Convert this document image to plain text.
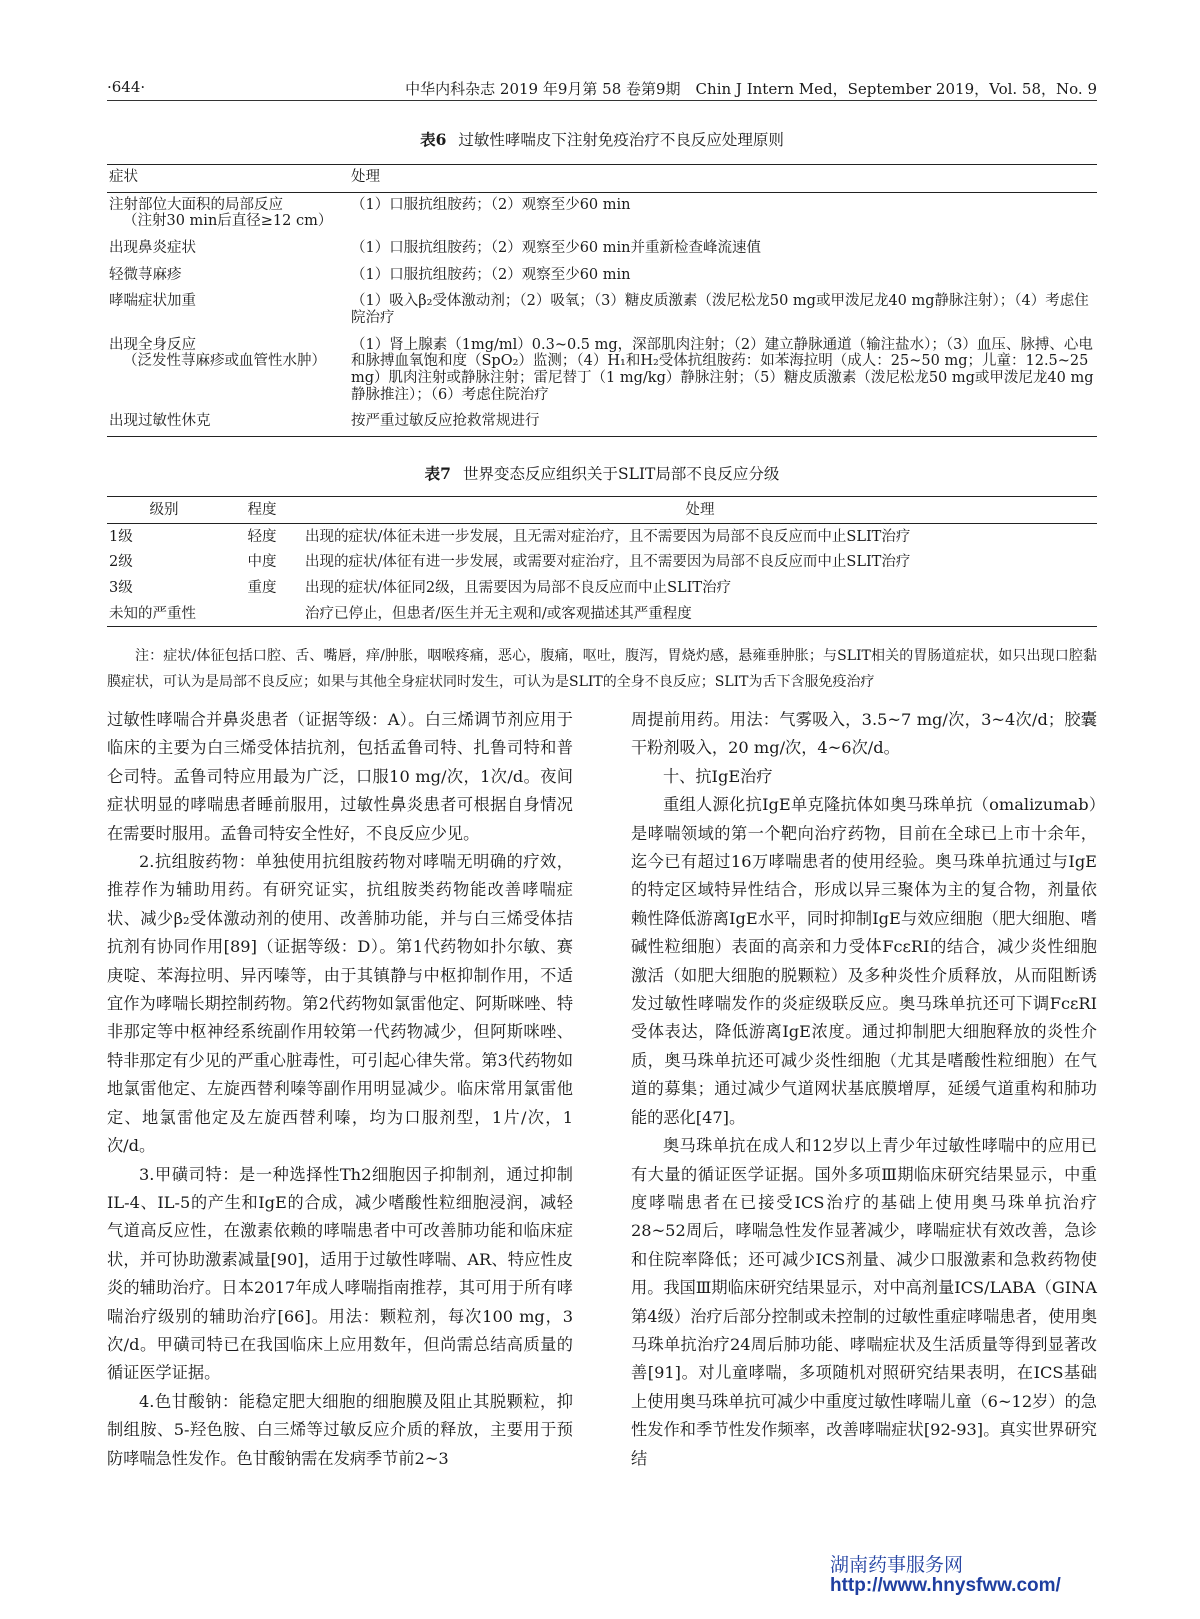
·644·	中华内科杂志 2019 年9月第 58 卷第9期　Chin J Intern Med，September 2019，Vol. 58，No. 9
表6 过敏性哮喘皮下注射免疫治疗不良反应处理原则
症状	处理
注射部位大面积的局部反应
（注射30 min后直径≥12 cm）	（1）口服抗组胺药；（2）观察至少60 min
出现鼻炎症状	（1）口服抗组胺药；（2）观察至少60 min并重新检查峰流速值
轻微荨麻疹	（1）口服抗组胺药；（2）观察至少60 min
哮喘症状加重	（1）吸入β₂受体激动剂；（2）吸氧；（3）糖皮质激素（泼尼松龙50 mg或甲泼尼龙40 mg静脉注射）；（4）考虑住院治疗
出现全身反应
（泛发性荨麻疹或血管性水肿）	（1）肾上腺素（1mg/ml）0.3~0.5 mg，深部肌肉注射；（2）建立静脉通道（输注盐水）；（3）血压、脉搏、心电和脉搏血氧饱和度（SpO₂）监测；（4）H₁和H₂受体抗组胺药：如苯海拉明（成人：25~50 mg；儿童：12.5~25 mg）肌肉注射或静脉注射；雷尼替丁（1 mg/kg）静脉注射；（5）糖皮质激素（泼尼松龙50 mg或甲泼尼龙40 mg静脉推注）；（6）考虑住院治疗
出现过敏性休克	按严重过敏反应抢救常规进行
表7 世界变态反应组织关于SLIT局部不良反应分级
级别	程度	处理
1级	轻度	出现的症状/体征未进一步发展，且无需对症治疗，且不需要因为局部不良反应而中止SLIT治疗
2级	中度	出现的症状/体征有进一步发展，或需要对症治疗，且不需要因为局部不良反应而中止SLIT治疗
3级	重度	出现的症状/体征同2级，且需要因为局部不良反应而中止SLIT治疗
未知的严重性		治疗已停止，但患者/医生并无主观和/或客观描述其严重程度
注：症状/体征包括口腔、舌、嘴唇，痒/肿胀，咽喉疼痛，恶心，腹痛，呕吐，腹泻，胃烧灼感，悬雍垂肿胀；与SLIT相关的胃肠道症状，如只出现口腔黏膜症状，可认为是局部不良反应；如果与其他全身症状同时发生，可认为是SLIT的全身不良反应；SLIT为舌下含服免疫治疗

过敏性哮喘合并鼻炎患者（证据等级：A）。白三烯调节剂应用于临床的主要为白三烯受体拮抗剂，包括孟鲁司特、扎鲁司特和普仑司特。孟鲁司特应用最为广泛，口服10 mg/次，1次/d。夜间症状明显的哮喘患者睡前服用，过敏性鼻炎患者可根据自身情况在需要时服用。孟鲁司特安全性好，不良反应少见。

2.抗组胺药物：单独使用抗组胺药物对哮喘无明确的疗效，推荐作为辅助用药。有研究证实，抗组胺类药物能改善哮喘症状、减少β₂受体激动剂的使用、改善肺功能，并与白三烯受体拮抗剂有协同作用[89]（证据等级：D）。第1代药物如扑尔敏、赛庚啶、苯海拉明、异丙嗪等，由于其镇静与中枢抑制作用，不适宜作为哮喘长期控制药物。第2代药物如氯雷他定、阿斯咪唑、特非那定等中枢神经系统副作用较第一代药物减少，但阿斯咪唑、特非那定有少见的严重心脏毒性，可引起心律失常。第3代药物如地氯雷他定、左旋西替利嗪等副作用明显减少。临床常用氯雷他定、地氯雷他定及左旋西替利嗪，均为口服剂型，1片/次，1次/d。

3.甲磺司特：是一种选择性Th2细胞因子抑制剂，通过抑制IL-4、IL-5的产生和IgE的合成，减少嗜酸性粒细胞浸润，减轻气道高反应性，在激素依赖的哮喘患者中可改善肺功能和临床症状，并可协助激素减量[90]，适用于过敏性哮喘、AR、特应性皮炎的辅助治疗。日本2017年成人哮喘指南推荐，其可用于所有哮喘治疗级别的辅助治疗[66]。用法：颗粒剂，每次100 mg，3次/d。甲磺司特已在我国临床上应用数年，但尚需总结高质量的循证医学证据。

4.色甘酸钠：能稳定肥大细胞的细胞膜及阻止其脱颗粒，抑制组胺、5-羟色胺、白三烯等过敏反应介质的释放，主要用于预防哮喘急性发作。色甘酸钠需在发病季节前2~3

周提前用药。用法：气雾吸入，3.5~7 mg/次，3~4次/d；胶囊干粉剂吸入，20 mg/次，4~6次/d。

十、抗IgE治疗

重组人源化抗IgE单克隆抗体如奥马珠单抗（omalizumab）是哮喘领域的第一个靶向治疗药物，目前在全球已上市十余年，迄今已有超过16万哮喘患者的使用经验。奥马珠单抗通过与IgE的特定区域特异性结合，形成以异三聚体为主的复合物，剂量依赖性降低游离IgE水平，同时抑制IgE与效应细胞（肥大细胞、嗜碱性粒细胞）表面的高亲和力受体FcεRI的结合，减少炎性细胞激活（如肥大细胞的脱颗粒）及多种炎性介质释放，从而阻断诱发过敏性哮喘发作的炎症级联反应。奥马珠单抗还可下调FcεRI受体表达，降低游离IgE浓度。通过抑制肥大细胞释放的炎性介质，奥马珠单抗还可减少炎性细胞（尤其是嗜酸性粒细胞）在气道的募集；通过减少气道网状基底膜增厚，延缓气道重构和肺功能的恶化[47]。

奥马珠单抗在成人和12岁以上青少年过敏性哮喘中的应用已有大量的循证医学证据。国外多项Ⅲ期临床研究结果显示，中重度哮喘患者在已接受ICS治疗的基础上使用奥马珠单抗治疗28~52周后，哮喘急性发作显著减少，哮喘症状有效改善，急诊和住院率降低；还可减少ICS剂量、减少口服激素和急救药物使用。我国Ⅲ期临床研究结果显示，对中高剂量ICS/LABA（GINA第4级）治疗后部分控制或未控制的过敏性重症哮喘患者，使用奥马珠单抗治疗24周后肺功能、哮喘症状及生活质量等得到显著改善[91]。对儿童哮喘，多项随机对照研究结果表明，在ICS基础上使用奥马珠单抗可减少中重度过敏性哮喘儿童（6~12岁）的急性发作和季节性发作频率，改善哮喘症状[92-93]。真实世界研究结

湖南药事服务网
http://www.hnysfww.com/
